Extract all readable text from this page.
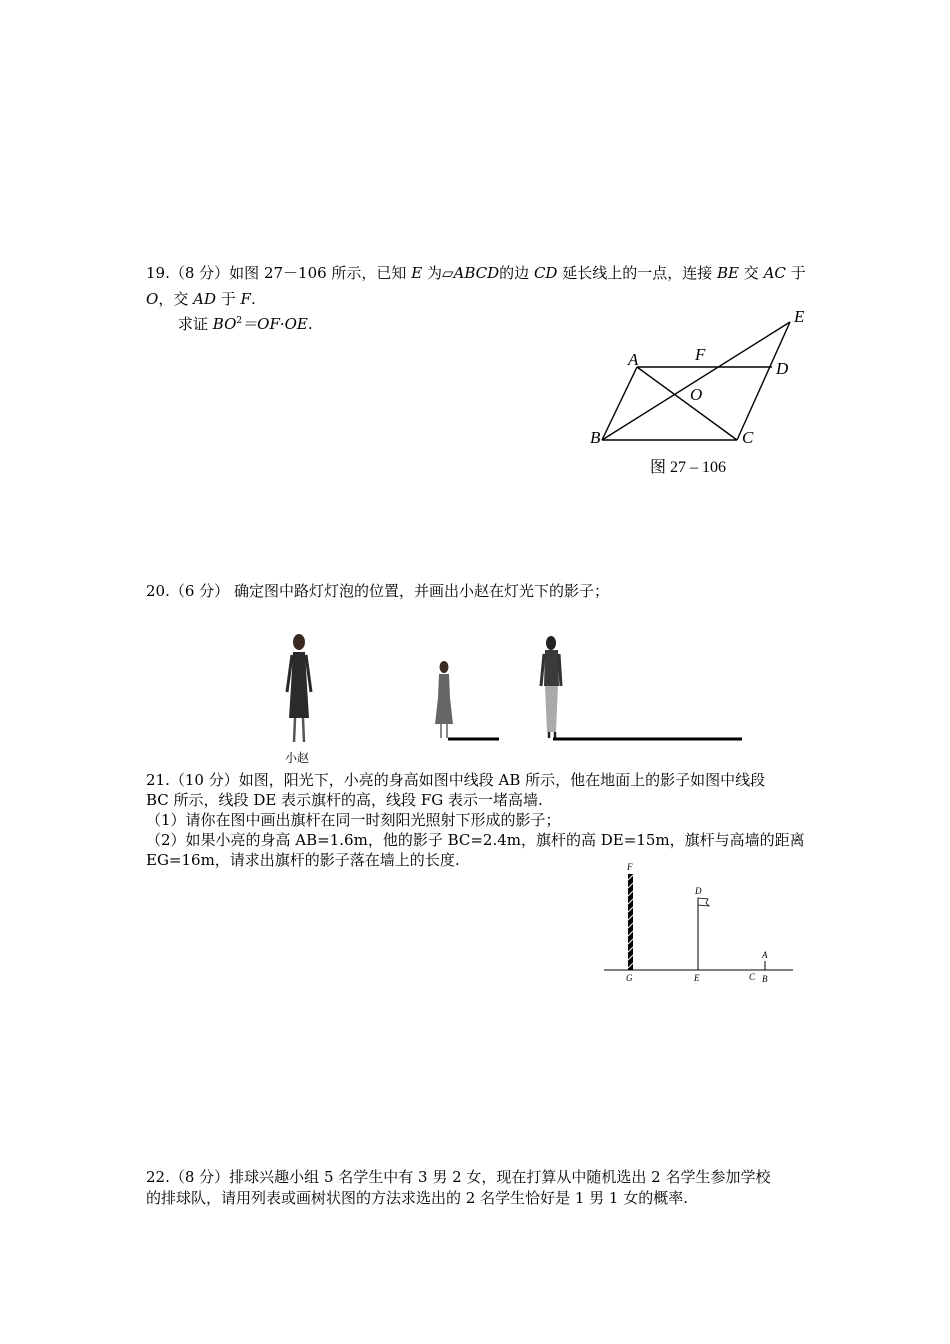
19.（8 分）如图 27－106 所示，已知 E 为▱ABCD的边 CD 延长线上的一点，连接 BE 交 AC 于
O，交 AD 于 F.
求证 $BO^2=OF\cdot OE$.
A	F
D
E
O
B	C
图 27 – 106
20.（6 分） 确定图中路灯灯泡的位置，并画出小赵在灯光下的影子；
小赵
21.（10 分）如图，阳光下，小亮的身高如图中线段 AB 所示，他在地面上的影子如图中线段
BC 所示，线段 DE 表示旗杆的高，线段 FG 表示一堵高墙.
（1）请你在图中画出旗杆在同一时刻阳光照射下形成的影子；
（2）如果小亮的身高 AB=1.6m，他的影子 BC=2.4m，旗杆的高 DE=15m，旗杆与高墙的距离
EG=16m，请求出旗杆的影子落在墙上的长度.	F
D
A
G	E	C B
22.（8 分）排球兴趣小组 5 名学生中有 3 男 2 女，现在打算从中随机选出 2 名学生参加学校
的排球队，请用列表或画树状图的方法求选出的 2 名学生恰好是 1 男 1 女的概率.
